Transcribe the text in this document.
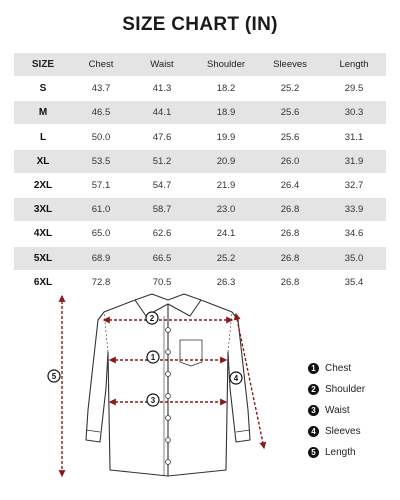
SIZE CHART (IN)
SIZE	Chest	Waist	Shoulder	Sleeves	Length
S	43.7	41.3	18.2	25.2	29.5
M	46.5	44.1	18.9	25.6	30.3
L	50.0	47.6	19.9	25.6	31.1
XL	53.5	51.2	20.9	26.0	31.9
2XL	57.1	54.7	21.9	26.4	32.7
3XL	61.0	58.7	23.0	26.8	33.9
4XL	65.0	62.6	24.1	26.8	34.6
5XL	68.9	66.5	25.2	26.8	35.0
6XL	72.8	70.5	26.3	26.8	35.4
1
2
3
4
5
1 Chest
2 Shoulder
3 Waist
4 Sleeves
5 Length
